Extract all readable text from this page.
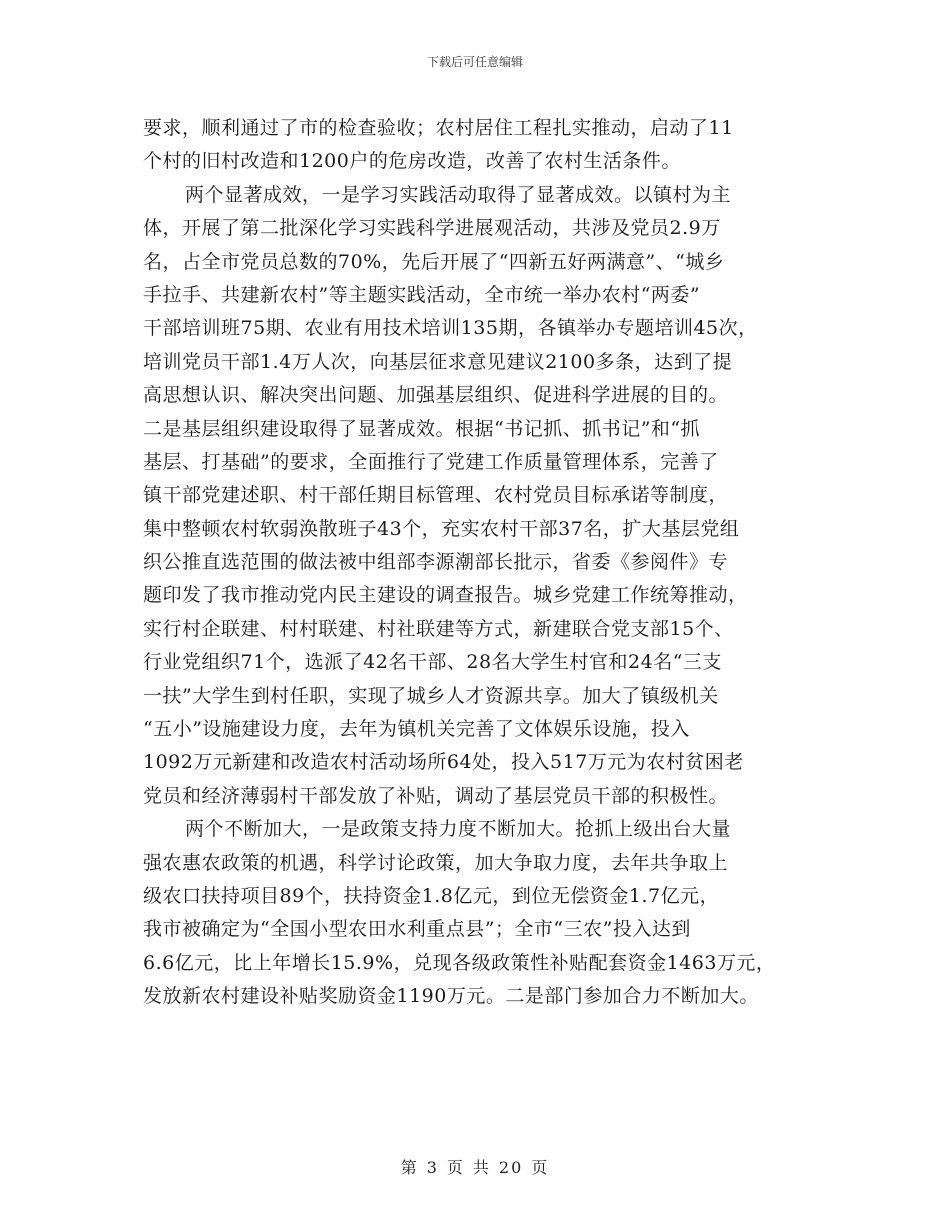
下载后可任意编辑
要求，顺利通过了市的检查验收；农村居住工程扎实推动，启动了11
个村的旧村改造和1200户的危房改造，改善了农村生活条件。
两个显著成效，一是学习实践活动取得了显著成效。以镇村为主
体，开展了第二批深化学习实践科学进展观活动，共涉及党员2.9万
名，占全市党员总数的70%，先后开展了“四新五好两满意”、“城乡
手拉手、共建新农村”等主题实践活动，全市统一举办农村“两委”
干部培训班75期、农业有用技术培训135期，各镇举办专题培训45次，
培训党员干部1.4万人次，向基层征求意见建议2100多条，达到了提
高思想认识、解决突出问题、加强基层组织、促进科学进展的目的。
二是基层组织建设取得了显著成效。根据“书记抓、抓书记”和“抓
基层、打基础”的要求，全面推行了党建工作质量管理体系，完善了
镇干部党建述职、村干部任期目标管理、农村党员目标承诺等制度，
集中整顿农村软弱涣散班子43个，充实农村干部37名，扩大基层党组
织公推直选范围的做法被中组部李源潮部长批示，省委《参阅件》专
题印发了我市推动党内民主建设的调查报告。城乡党建工作统筹推动，
实行村企联建、村村联建、村社联建等方式，新建联合党支部15个、
行业党组织71个，选派了42名干部、28名大学生村官和24名“三支
一扶”大学生到村任职，实现了城乡人才资源共享。加大了镇级机关
“五小”设施建设力度，去年为镇机关完善了文体娱乐设施，投入
1092万元新建和改造农村活动场所64处，投入517万元为农村贫困老
党员和经济薄弱村干部发放了补贴，调动了基层党员干部的积极性。
两个不断加大，一是政策支持力度不断加大。抢抓上级出台大量
强农惠农政策的机遇，科学讨论政策，加大争取力度，去年共争取上
级农口扶持项目89个，扶持资金1.8亿元，到位无偿资金1.7亿元，
我市被确定为“全国小型农田水利重点县”；全市“三农”投入达到
6.6亿元，比上年增长15.9%，兑现各级政策性补贴配套资金1463万元，
发放新农村建设补贴奖励资金1190万元。二是部门参加合力不断加大。
第 3 页 共 20 页
